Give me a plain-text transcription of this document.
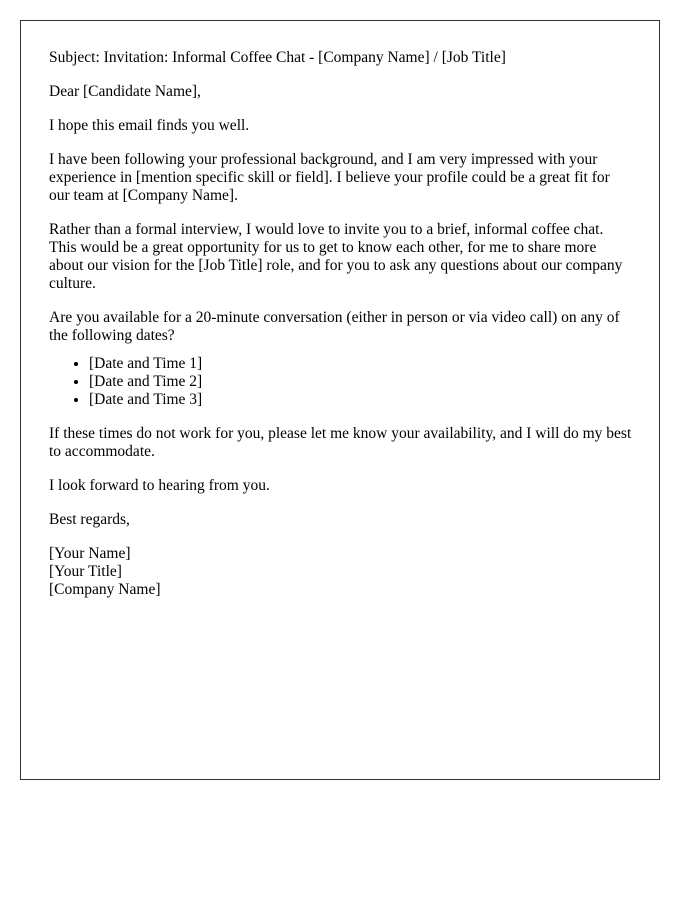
Subject: Invitation: Informal Coffee Chat - [Company Name] / [Job Title]

Dear [Candidate Name],

I hope this email finds you well.

I have been following your professional background, and I am very impressed with your experience in [mention specific skill or field]. I believe your profile could be a great fit for our team at [Company Name].

Rather than a formal interview, I would love to invite you to a brief, informal coffee chat. This would be a great opportunity for us to get to know each other, for me to share more about our vision for the [Job Title] role, and for you to ask any questions about our company culture.

Are you available for a 20-minute conversation (either in person or via video call) on any of the following dates?

• [Date and Time 1]
• [Date and Time 2]
• [Date and Time 3]

If these times do not work for you, please let me know your availability, and I will do my best to accommodate.

I look forward to hearing from you.

Best regards,

[Your Name]
[Your Title]
[Company Name]
